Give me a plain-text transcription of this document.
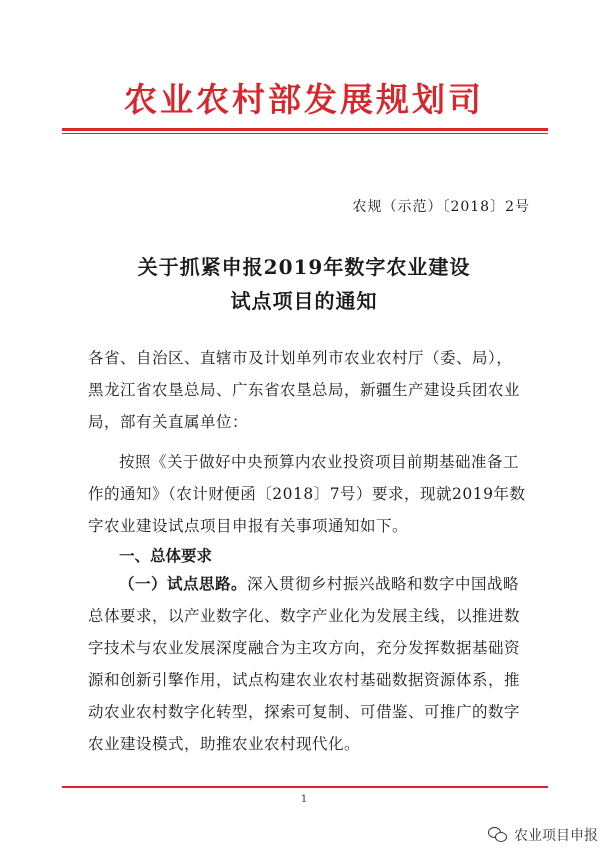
农业农村部发展规划司
农规（示范）〔2018〕2号
关于抓紧申报2019年数字农业建设
试点项目的通知
各省、自治区、直辖市及计划单列市农业农村厅（委、局），黑龙江省农垦总局、广东省农垦总局，新疆生产建设兵团农业局，部有关直属单位：
按照《关于做好中央预算内农业投资项目前期基础准备工作的通知》（农计财便函〔2018〕7号）要求，现就2019年数字农业建设试点项目申报有关事项通知如下。
一、总体要求
（一）试点思路。深入贯彻乡村振兴战略和数字中国战略总体要求，以产业数字化、数字产业化为发展主线，以推进数字技术与农业发展深度融合为主攻方向，充分发挥数据基础资源和创新引擎作用，试点构建农业农村基础数据资源体系，推动农业农村数字化转型，探索可复制、可借鉴、可推广的数字农业建设模式，助推农业农村现代化。
1
农业项目申报
